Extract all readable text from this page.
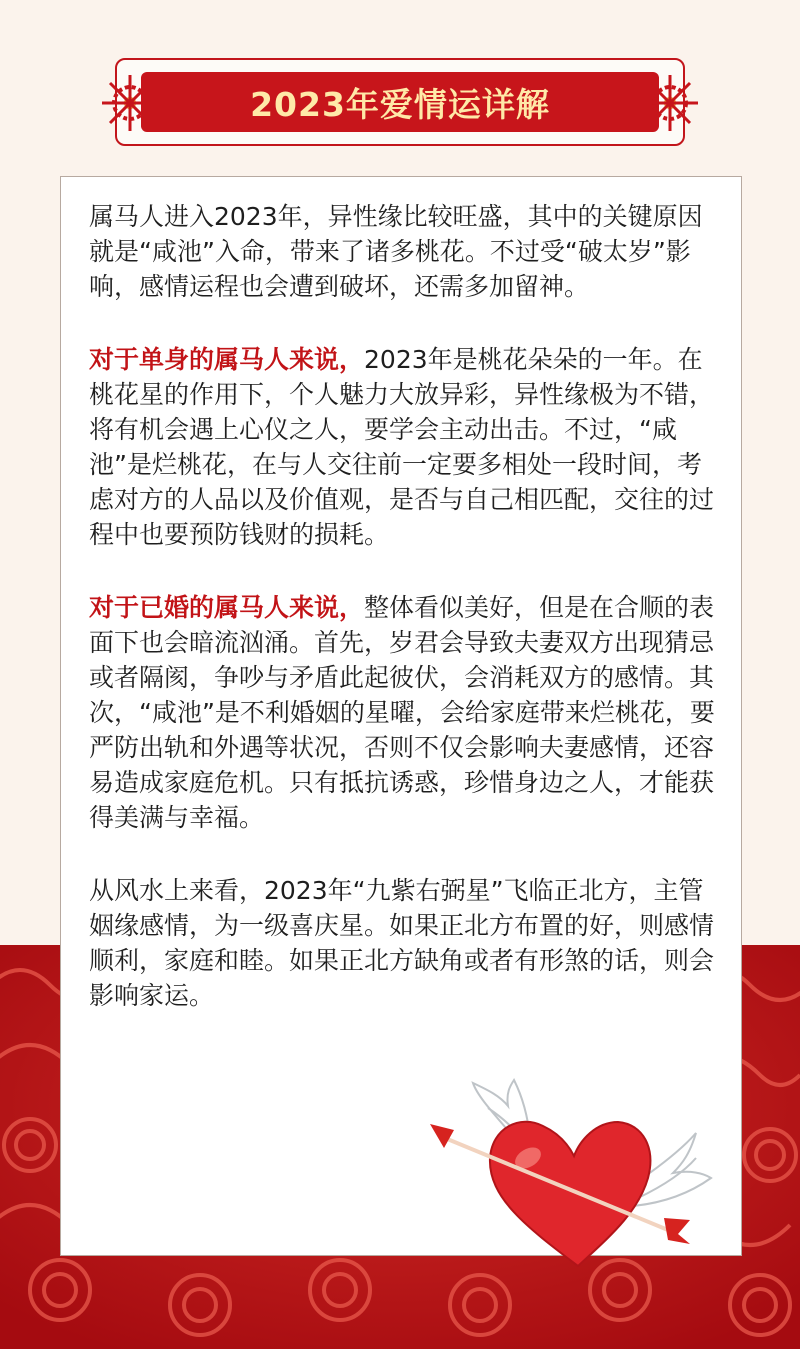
2023年爱情运详解

属马人进入2023年，异性缘比较旺盛，其中的关键原因就是“咸池”入命，带来了诸多桃花。不过受“破太岁”影响，感情运程也会遭到破坏，还需多加留神。

对于单身的属马人来说，2023年是桃花朵朵的一年。在桃花星的作用下，个人魅力大放异彩，异性缘极为不错，将有机会遇上心仪之人，要学会主动出击。不过，“咸池”是烂桃花，在与人交往前一定要多相处一段时间，考虑对方的人品以及价值观，是否与自己相匹配，交往的过程中也要预防钱财的损耗。

对于已婚的属马人来说，整体看似美好，但是在合顺的表面下也会暗流汹涌。首先，岁君会导致夫妻双方出现猜忌或者隔阂，争吵与矛盾此起彼伏，会消耗双方的感情。其次，“咸池”是不利婚姻的星曜，会给家庭带来烂桃花，要严防出轨和外遇等状况，否则不仅会影响夫妻感情，还容易造成家庭危机。只有抵抗诱惑，珍惜身边之人，才能获得美满与幸福。

从风水上来看，2023年“九紫右弼星”飞临正北方，主管姻缘感情，为一级喜庆星。如果正北方布置的好，则感情顺利，家庭和睦。如果正北方缺角或者有形煞的话，则会影响家运。
